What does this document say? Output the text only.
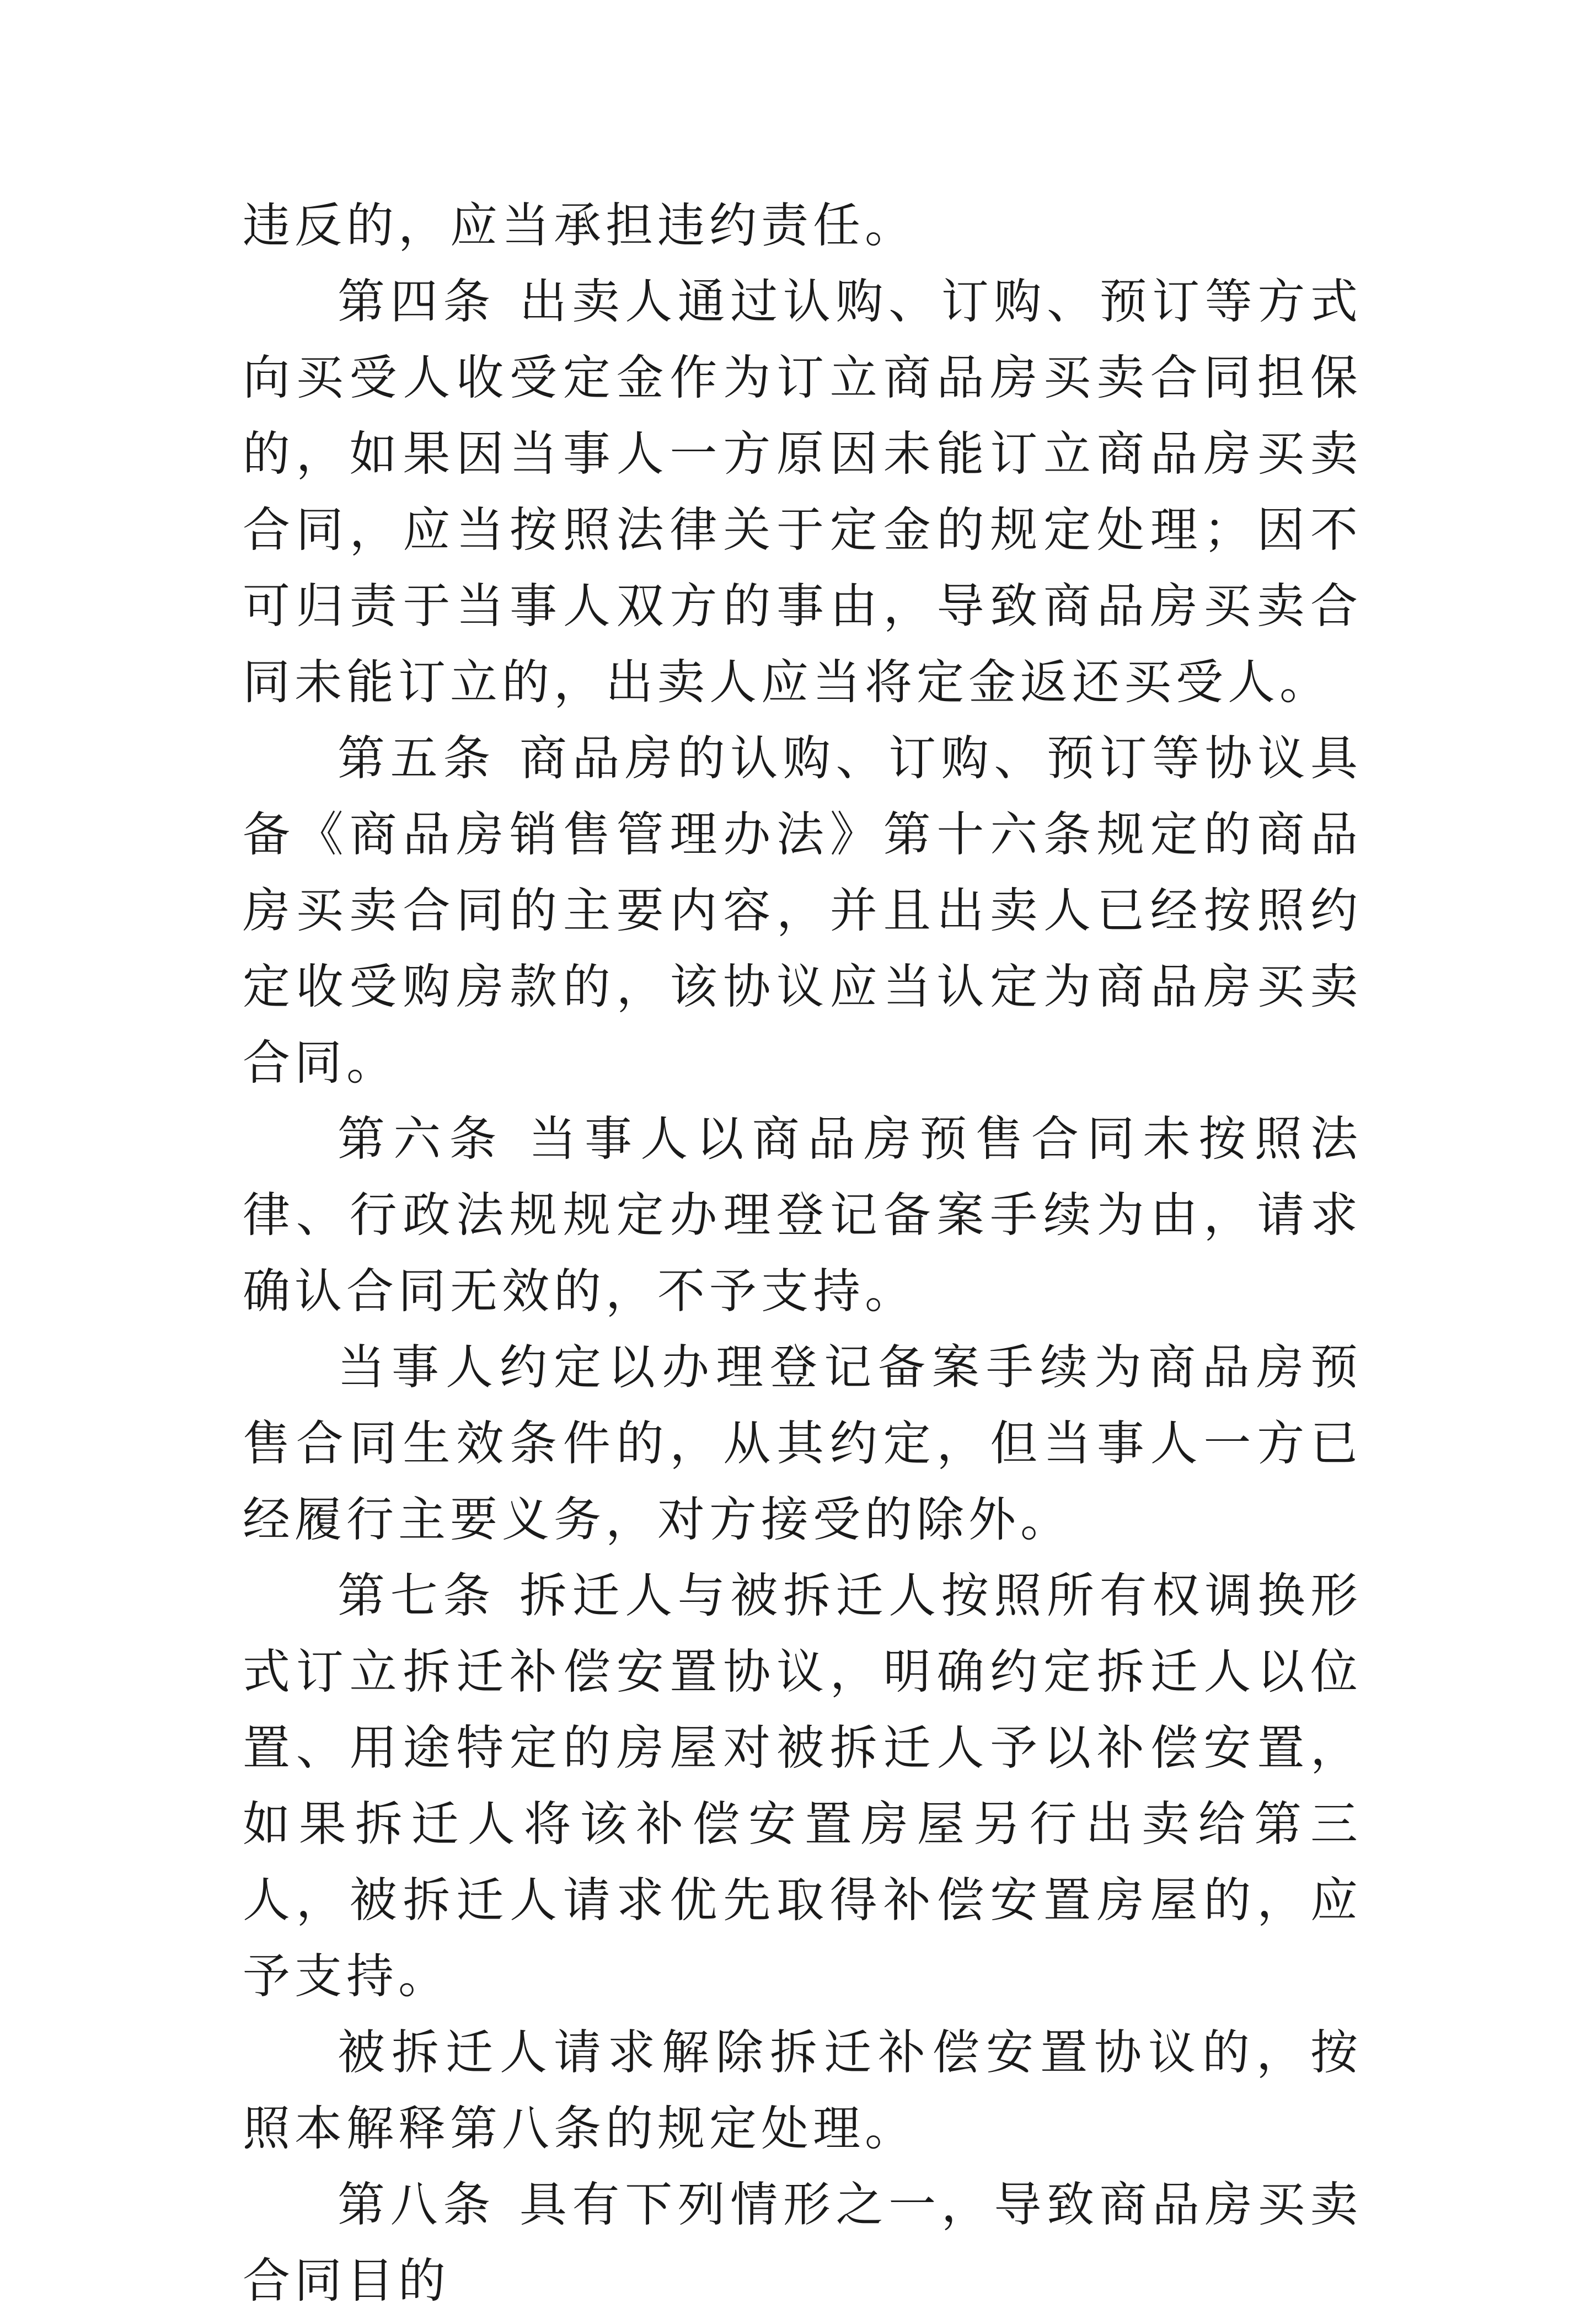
违反的，应当承担违约责任。

第四条 出卖人通过认购、订购、预订等方式向买受人收受定金作为订立商品房买卖合同担保的，如果因当事人一方原因未能订立商品房买卖合同，应当按照法律关于定金的规定处理；因不可归责于当事人双方的事由，导致商品房买卖合同未能订立的，出卖人应当将定金返还买受人。

第五条 商品房的认购、订购、预订等协议具备《商品房销售管理办法》第十六条规定的商品房买卖合同的主要内容，并且出卖人已经按照约定收受购房款的，该协议应当认定为商品房买卖合同。

第六条 当事人以商品房预售合同未按照法律、行政法规规定办理登记备案手续为由，请求确认合同无效的，不予支持。

当事人约定以办理登记备案手续为商品房预售合同生效条件的，从其约定，但当事人一方已经履行主要义务，对方接受的除外。

第七条 拆迁人与被拆迁人按照所有权调换形式订立拆迁补偿安置协议，明确约定拆迁人以位置、用途特定的房屋对被拆迁人予以补偿安置，如果拆迁人将该补偿安置房屋另行出卖给第三人，被拆迁人请求优先取得补偿安置房屋的，应予支持。

被拆迁人请求解除拆迁补偿安置协议的，按照本解释第八条的规定处理。

第八条 具有下列情形之一，导致商品房买卖合同目的
